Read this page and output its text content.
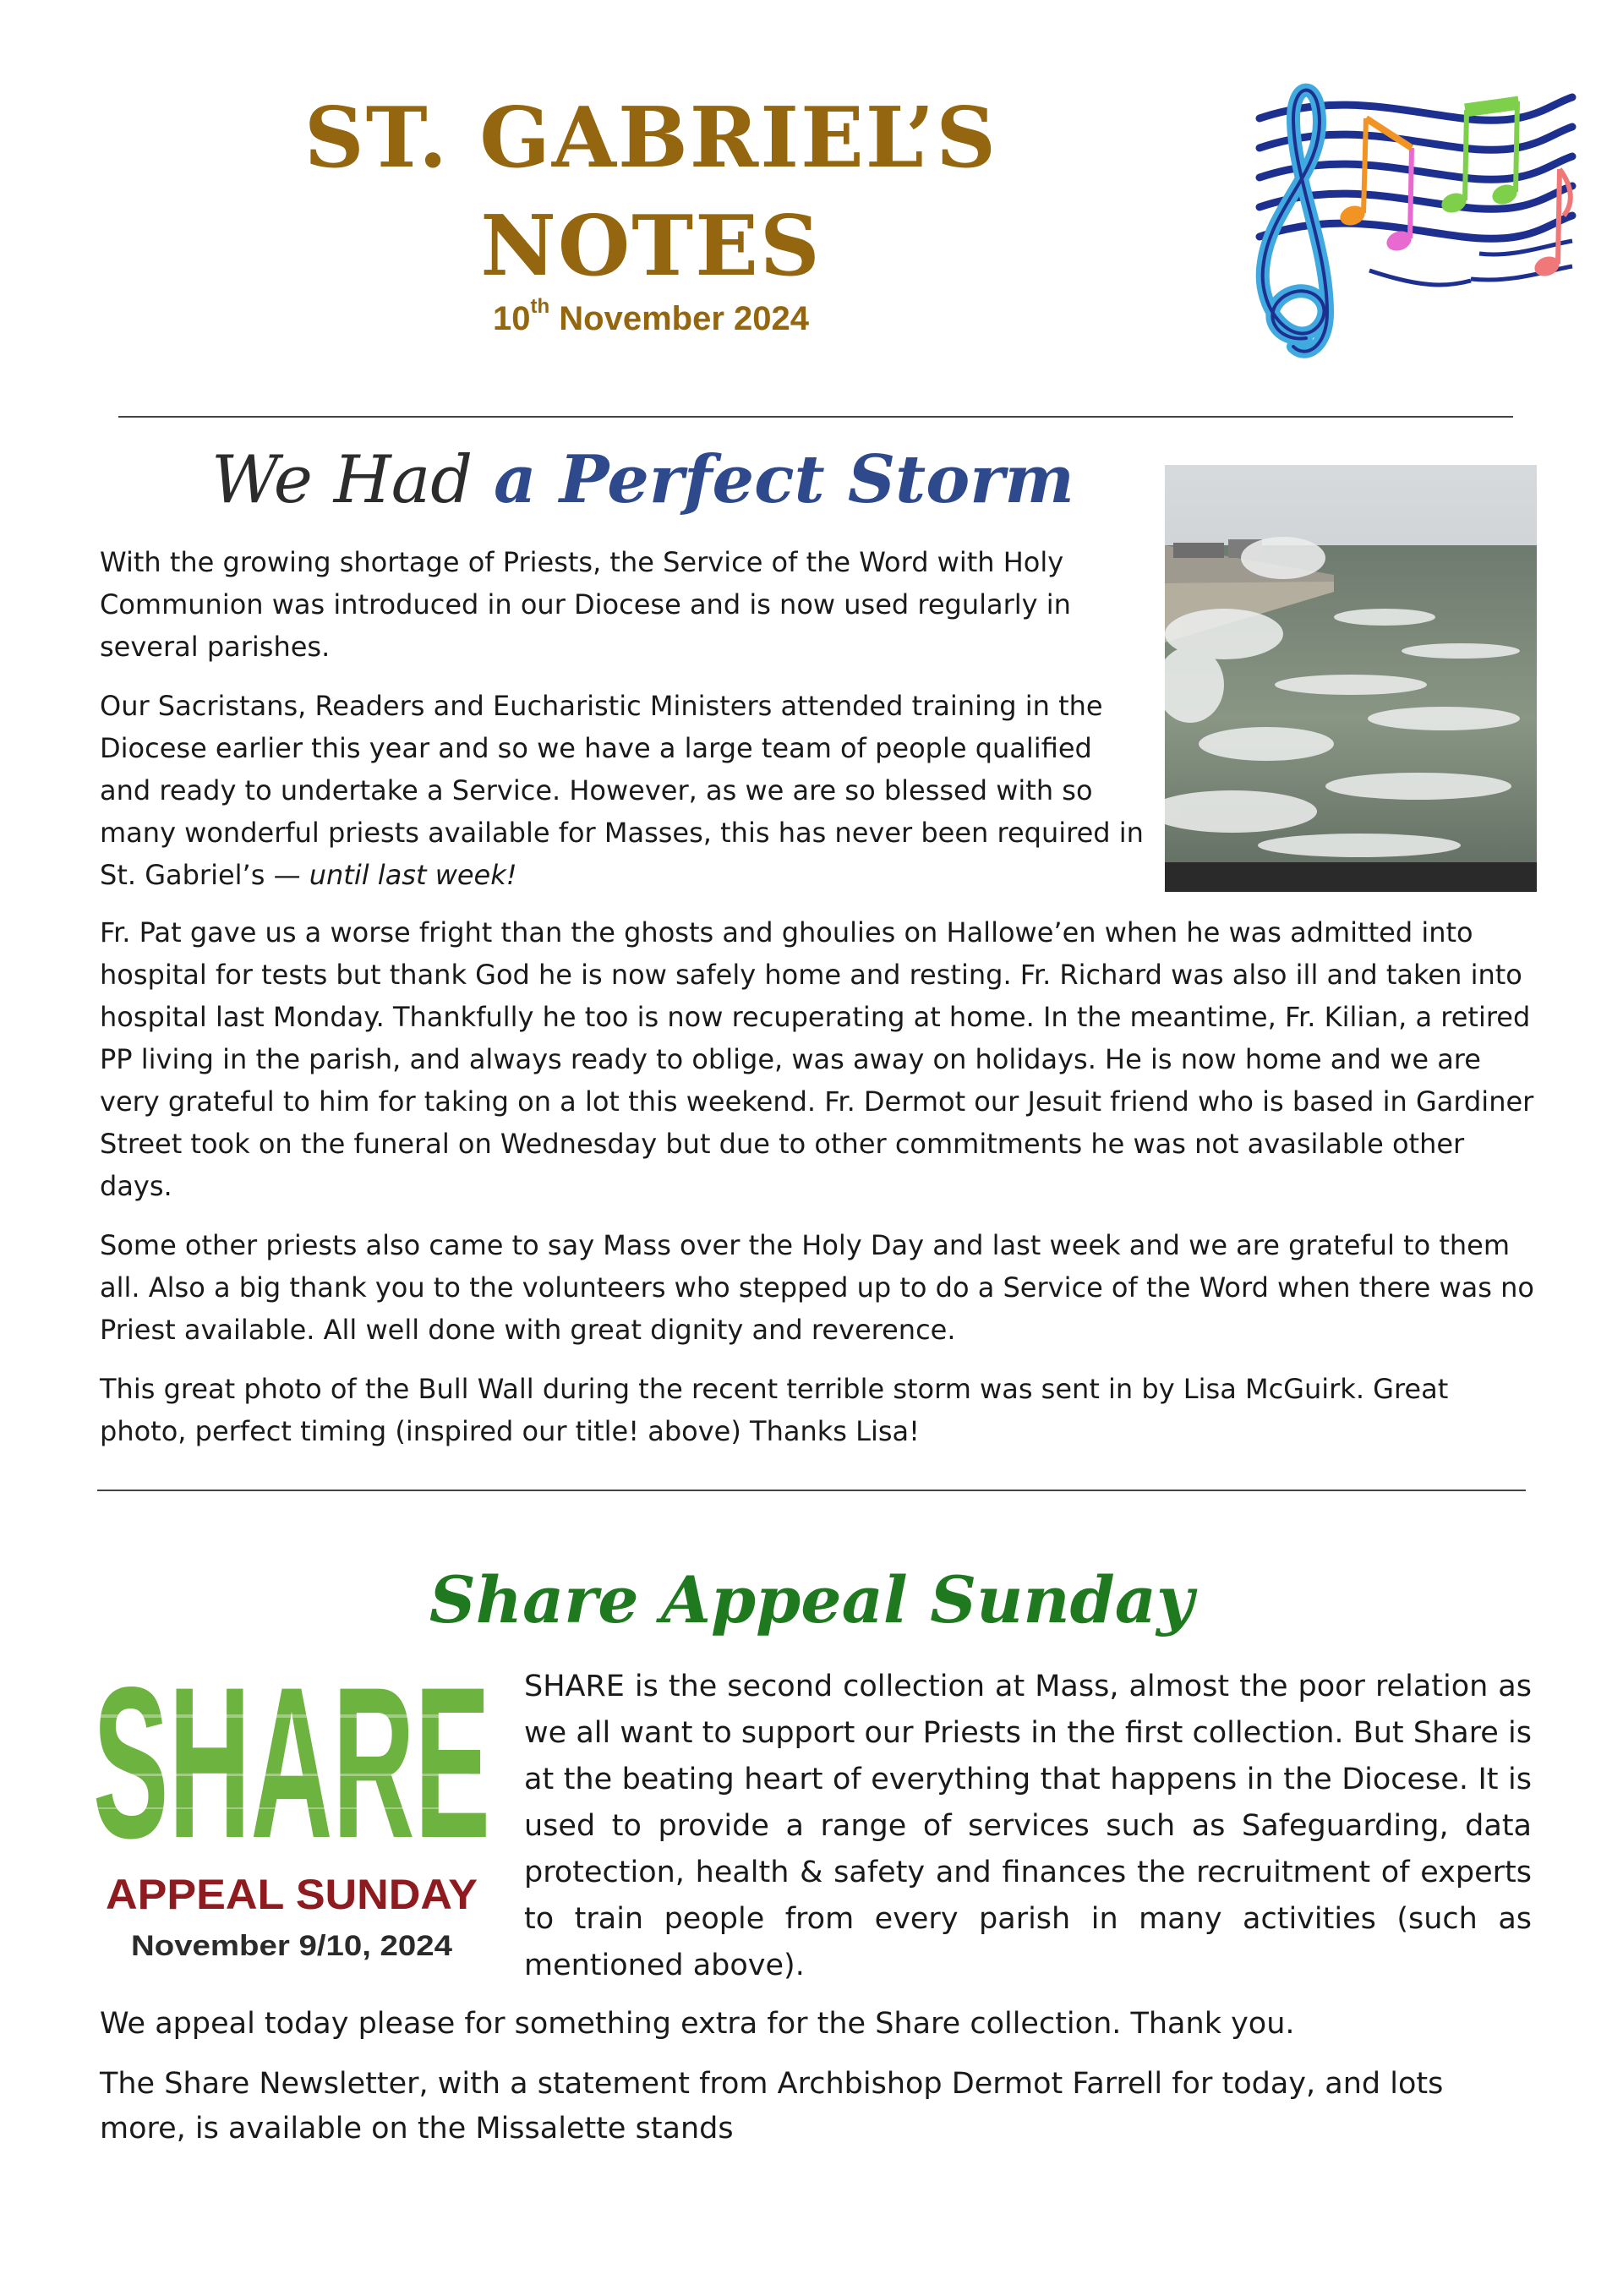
ST. GABRIEL’S
NOTES
10th November 2024
We Had a Perfect Storm

With the growing shortage of Priests, the Service of the Word with Holy Communion was introduced in our Diocese and is now used regularly in several parishes.

Our Sacristans, Readers and Eucharistic Ministers attended training in the Diocese earlier this year and so we have a large team of people qualified and ready to undertake a Service. However, as we are so blessed with so many wonderful priests available for Masses, this has never been required in St. Gabriel’s — until last week!

Fr. Pat gave us a worse fright than the ghosts and ghoulies on Hallowe’en when he was admitted into hospital for tests but thank God he is now safely home and resting. Fr. Richard was also ill and taken into hospital last Monday. Thankfully he too is now recuperating at home. In the meantime, Fr. Kilian, a retired PP living in the parish, and always ready to oblige, was away on holidays. He is now home and we are very grateful to him for taking on a lot this weekend. Fr. Dermot our Jesuit friend who is based in Gardiner Street took on the funeral on Wednesday but due to other commitments he was not avasilable other days.

Some other priests also came to say Mass over the Holy Day and last week and we are grateful to them all. Also a big thank you to the volunteers who stepped up to do a Service of the Word when there was no Priest available. All well done with great dignity and reverence.

This great photo of the Bull Wall during the recent terrible storm was sent in by Lisa McGuirk. Great photo, perfect timing (inspired our title! above) Thanks Lisa!

Share Appeal Sunday
SHARE
APPEAL SUNDAY
November 9/10, 2024
SHARE is the second collection at Mass, almost the poor relation as we all want to support our Priests in the first collection. But Share is at the beating heart of everything that happens in the Diocese. It is used to provide a range of services such as Safeguarding, data protection, health & safety and finances the recruitment of experts to train people from every parish in many activities (such as mentioned above).

We appeal today please for something extra for the Share collection. Thank you.

The Share Newsletter, with a statement from Archbishop Dermot Farrell for today, and lots more, is available on the Missalette stands
